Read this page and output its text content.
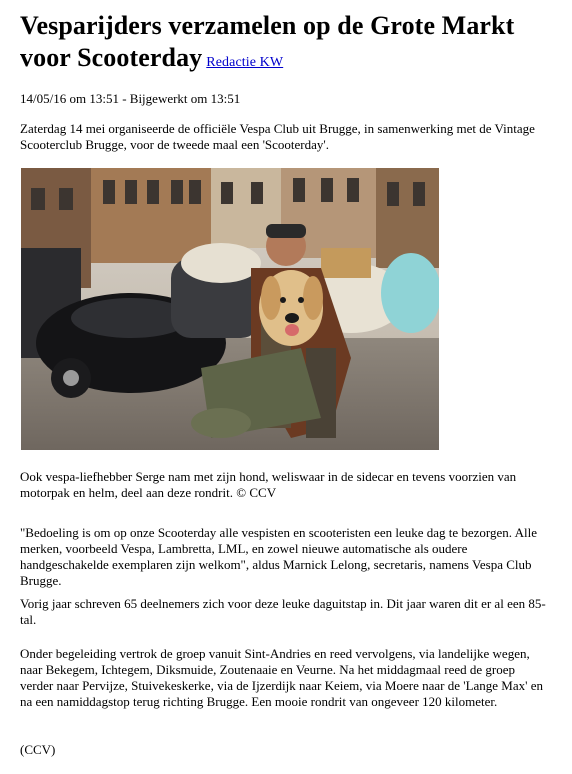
Vesparijders verzamelen op de Grote Markt voor Scooterday Redactie KW
14/05/16 om 13:51 - Bijgewerkt om 13:51

Zaterdag 14 mei organiseerde de officiële Vespa Club uit Brugge, in samenwerking met de Vintage Scooterclub Brugge, voor de tweede maal een 'Scooterday'.

Ook vespa-liefhebber Serge nam met zijn hond, weliswaar in de sidecar en tevens voorzien van motorpak en helm, deel aan deze rondrit. © CCV

"Bedoeling is om op onze Scooterday alle vespisten en scooteristen een leuke dag te bezorgen. Alle merken, voorbeeld Vespa, Lambretta, LML, en zowel nieuwe automatische als oudere handgeschakelde exemplaren zijn welkom", aldus Marnick Lelong, secretaris, namens Vespa Club Brugge.

Vorig jaar schreven 65 deelnemers zich voor deze leuke daguitstap in. Dit jaar waren dit er al een 85-tal.

Onder begeleiding vertrok de groep vanuit Sint-Andries en reed vervolgens, via landelijke wegen, naar Bekegem, Ichtegem, Diksmuide, Zoutenaaie en Veurne. Na het middagmaal reed de groep verder naar Pervijze, Stuivekeskerke, via de Ijzerdijk naar Keiem, via Moere naar de 'Lange Max' en na een namiddagstop terug richting Brugge. Een mooie rondrit van ongeveer 120 kilometer.

(CCV)
